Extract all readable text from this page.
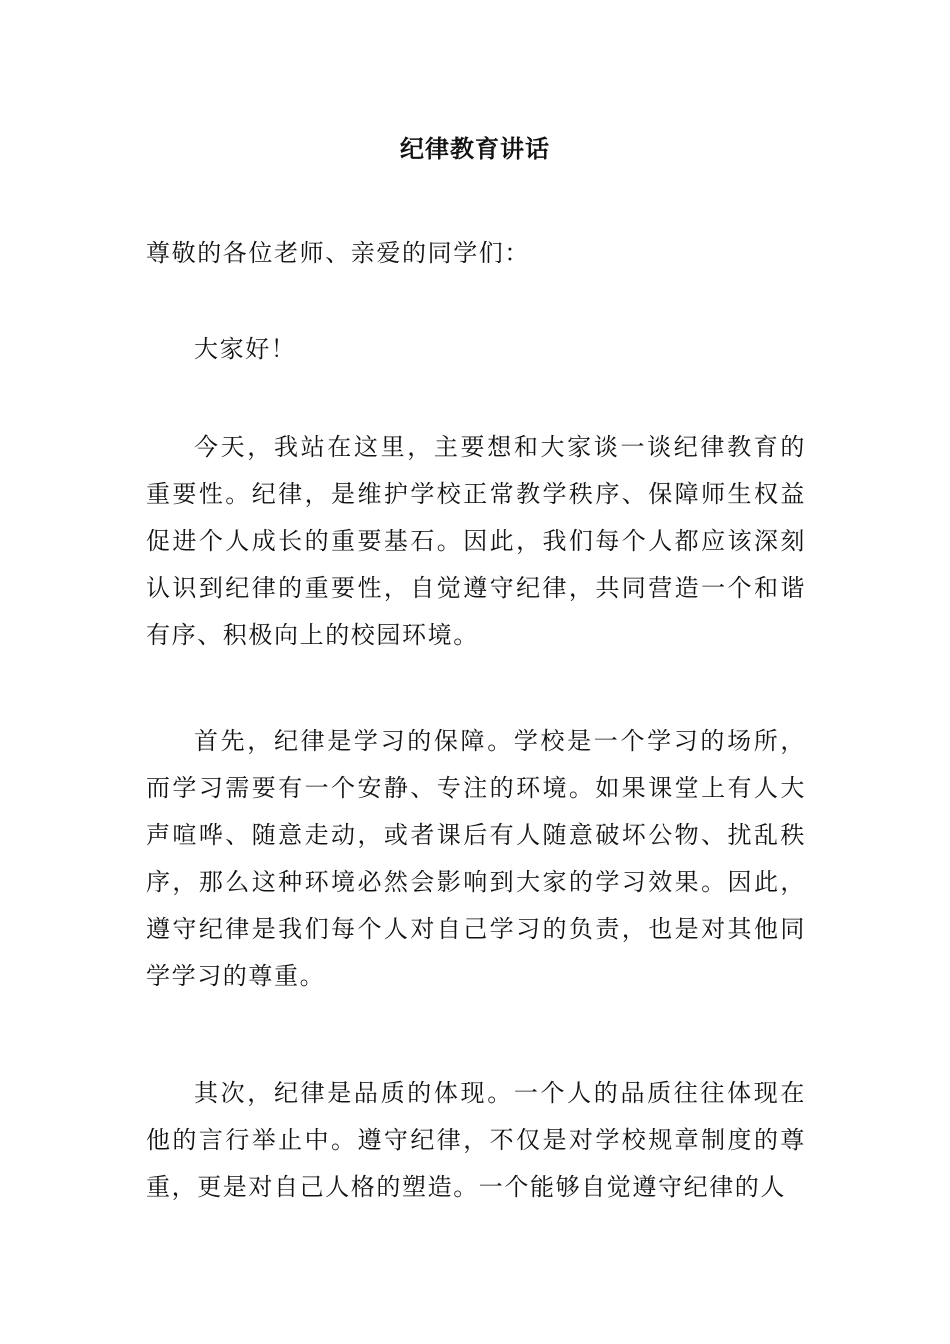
纪律教育讲话

尊敬的各位老师、亲爱的同学们：

大家好！

今天，我站在这里，主要想和大家谈一谈纪律教育的重要性。纪律，是维护学校正常教学秩序、保障师生权益促进个人成长的重要基石。因此，我们每个人都应该深刻认识到纪律的重要性，自觉遵守纪律，共同营造一个和谐有序、积极向上的校园环境。

首先，纪律是学习的保障。学校是一个学习的场所，而学习需要有一个安静、专注的环境。如果课堂上有人大声喧哗、随意走动，或者课后有人随意破坏公物、扰乱秩序，那么这种环境必然会影响到大家的学习效果。因此，遵守纪律是我们每个人对自己学习的负责，也是对其他同学学习的尊重。

其次，纪律是品质的体现。一个人的品质往往体现在他的言行举止中。遵守纪律，不仅是对学校规章制度的尊重，更是对自己人格的塑造。一个能够自觉遵守纪律的人
